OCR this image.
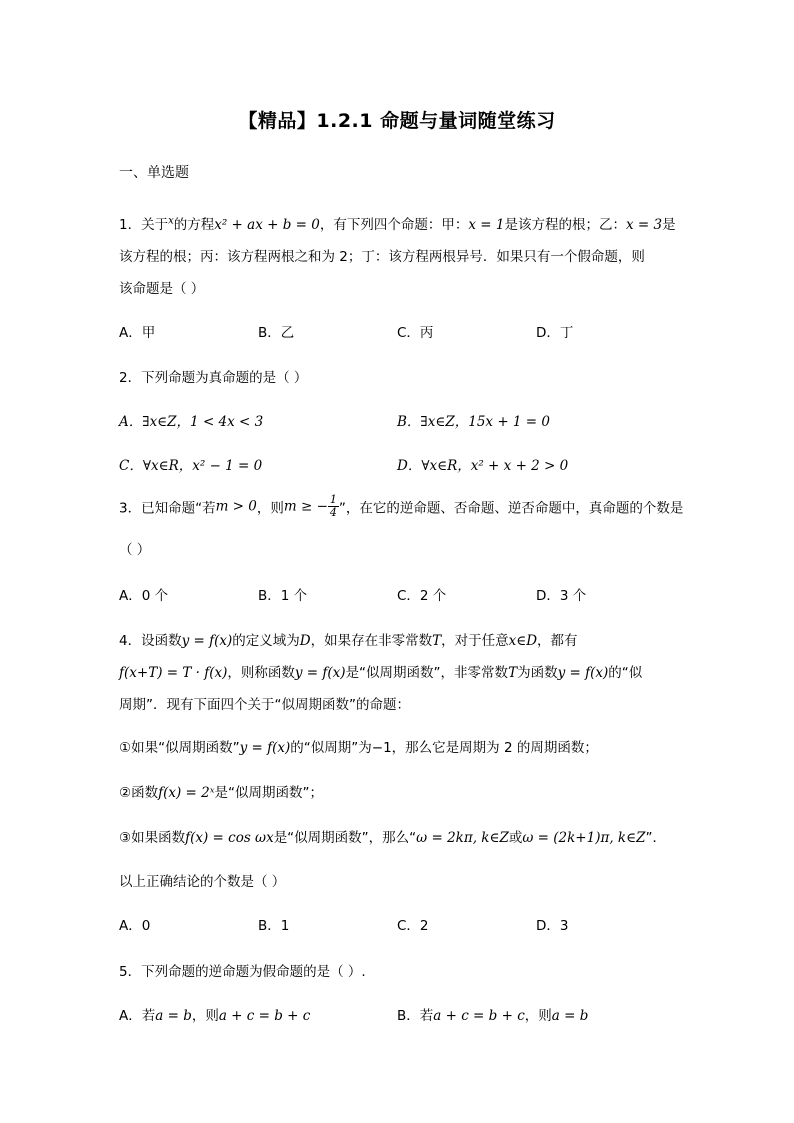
【精品】1.2.1 命题与量词随堂练习
一、单选题
1．关于$^x$的方程x² + ax + b = 0，有下列四个命题：甲：x = 1是该方程的根；乙：x = 3是
该方程的根；丙：该方程两根之和为 2；丁：该方程两根异号．如果只有一个假命题，则
该命题是（ ）
A．甲	B．乙	C．丙	D．丁
2．下列命题为真命题的是（ ）
A．∃x∈Z，1 < 4x < 3	B．∃x∈Z，15x + 1 = 0
C．∀x∈R，x² − 1 = 0	D．∀x∈R，x² + x + 2 > 0
3．已知命题“若m > 0，则m ≥ − $\frac{1}{4}$ ”，在它的逆命题、否命题、逆否命题中，真命题的个数是
（ ）
A．0 个	B．1 个	C．2 个	D．3 个
4．设函数y = f(x)的定义域为D，如果存在非零常数T，对于任意x∈D，都有
f(x+T) = T · f(x)，则称函数y = f(x)是“似周期函数”，非零常数T为函数y = f(x)的“似
周期”．现有下面四个关于“似周期函数”的命题：
①如果“似周期函数”y = f(x)的“似周期”为−1，那么它是周期为 2 的周期函数；
②函数f(x) = 2ˣ是“似周期函数”；
③如果函数f(x) = cos ωx是“似周期函数”，那么“ω = 2kπ, k∈Z或ω = (2k+1)π, k∈Z”．
以上正确结论的个数是（ ）
A．0	B．1	C．2	D．3
5．下列命题的逆命题为假命题的是（ ）.
A．若a = b，则a + c = b + c	B．若a + c = b + c，则a = b
